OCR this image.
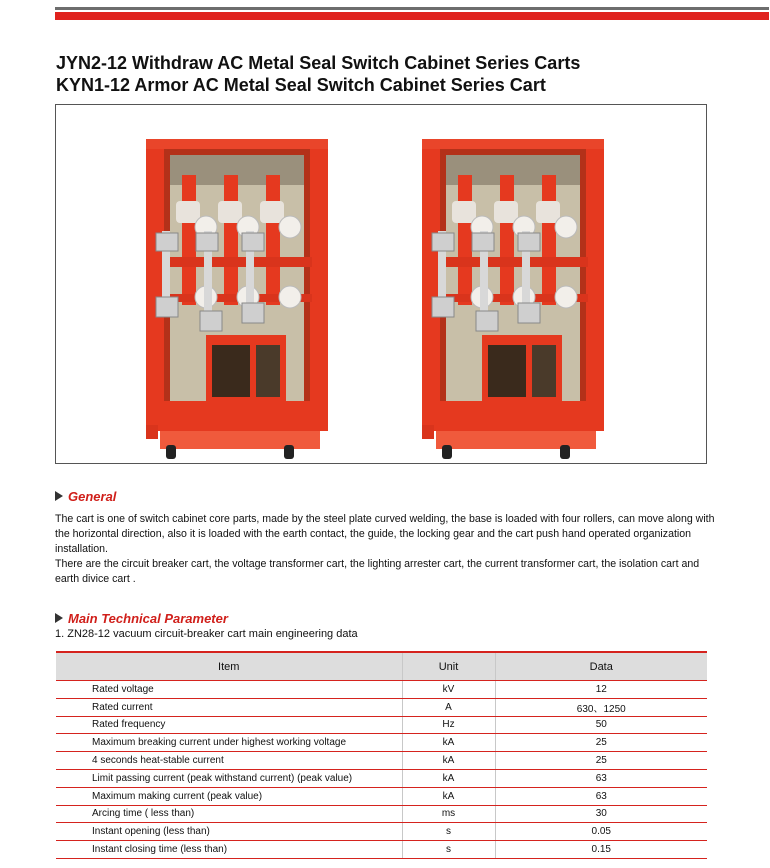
JYN2-12 Withdraw AC Metal Seal Switch Cabinet Series Carts
KYN1-12 Armor AC Metal Seal Switch Cabinet Series Cart
General
The cart is one of switch cabinet core parts, made by the steel plate curved welding, the base is loaded with four rollers, can move along with the horizontal direction, also it is loaded with the earth contact, the guide, the locking gear and the cart push hand operated organization installation.
There are the circuit breaker cart, the voltage transformer cart, the lighting arrester cart, the current transformer cart, the isolation cart and earth divice cart .
Main Technical Parameter
1. ZN28-12 vacuum circuit-breaker cart main engineering data
Item	Unit	Data
Rated voltage	kV	12
Rated current	A	630、1250
Rated frequency	Hz	50
Maximum breaking current under highest working voltage	kA	25
4 seconds heat-stable current	kA	25
Limit passing current (peak withstand current) (peak value)	kA	63
Maximum making current (peak value)	kA	63
Arcing time ( less than)	ms	30
Instant opening (less than)	s	0.05
Instant closing time (less than)	s	0.15
